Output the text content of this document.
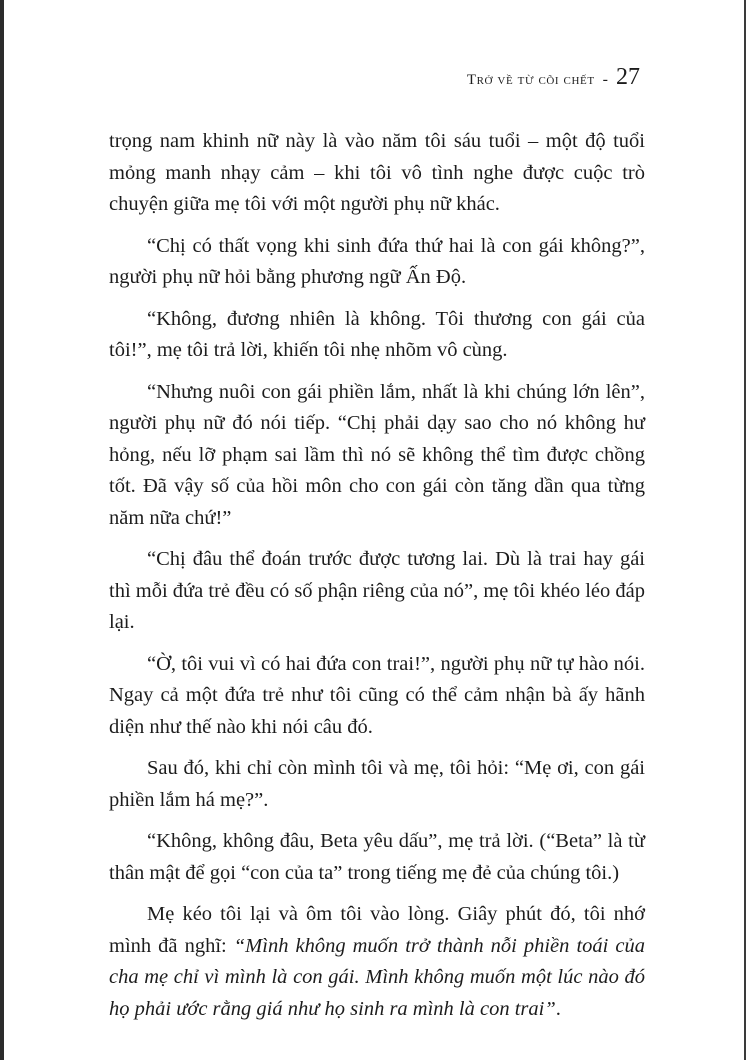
Trở về từ cõi chết - 27

trọng nam khinh nữ này là vào năm tôi sáu tuổi – một độ tuổi mỏng manh nhạy cảm – khi tôi vô tình nghe được cuộc trò chuyện giữa mẹ tôi với một người phụ nữ khác.

“Chị có thất vọng khi sinh đứa thứ hai là con gái không?”, người phụ nữ hỏi bằng phương ngữ Ấn Độ.

“Không, đương nhiên là không. Tôi thương con gái của tôi!”, mẹ tôi trả lời, khiến tôi nhẹ nhõm vô cùng.

“Nhưng nuôi con gái phiền lắm, nhất là khi chúng lớn lên”, người phụ nữ đó nói tiếp. “Chị phải dạy sao cho nó không hư hỏng, nếu lỡ phạm sai lầm thì nó sẽ không thể tìm được chồng tốt. Đã vậy số của hồi môn cho con gái còn tăng dần qua từng năm nữa chứ!”

“Chị đâu thể đoán trước được tương lai. Dù là trai hay gái thì mỗi đứa trẻ đều có số phận riêng của nó”, mẹ tôi khéo léo đáp lại.

“Ờ, tôi vui vì có hai đứa con trai!”, người phụ nữ tự hào nói. Ngay cả một đứa trẻ như tôi cũng có thể cảm nhận bà ấy hãnh diện như thế nào khi nói câu đó.

Sau đó, khi chỉ còn mình tôi và mẹ, tôi hỏi: “Mẹ ơi, con gái phiền lắm há mẹ?”.

“Không, không đâu, Beta yêu dấu”, mẹ trả lời. (“Beta” là từ thân mật để gọi “con của ta” trong tiếng mẹ đẻ của chúng tôi.)

Mẹ kéo tôi lại và ôm tôi vào lòng. Giây phút đó, tôi nhớ mình đã nghĩ: “Mình không muốn trở thành nỗi phiền toái của cha mẹ chỉ vì mình là con gái. Mình không muốn một lúc nào đó họ phải ước rằng giá như họ sinh ra mình là con trai”.
